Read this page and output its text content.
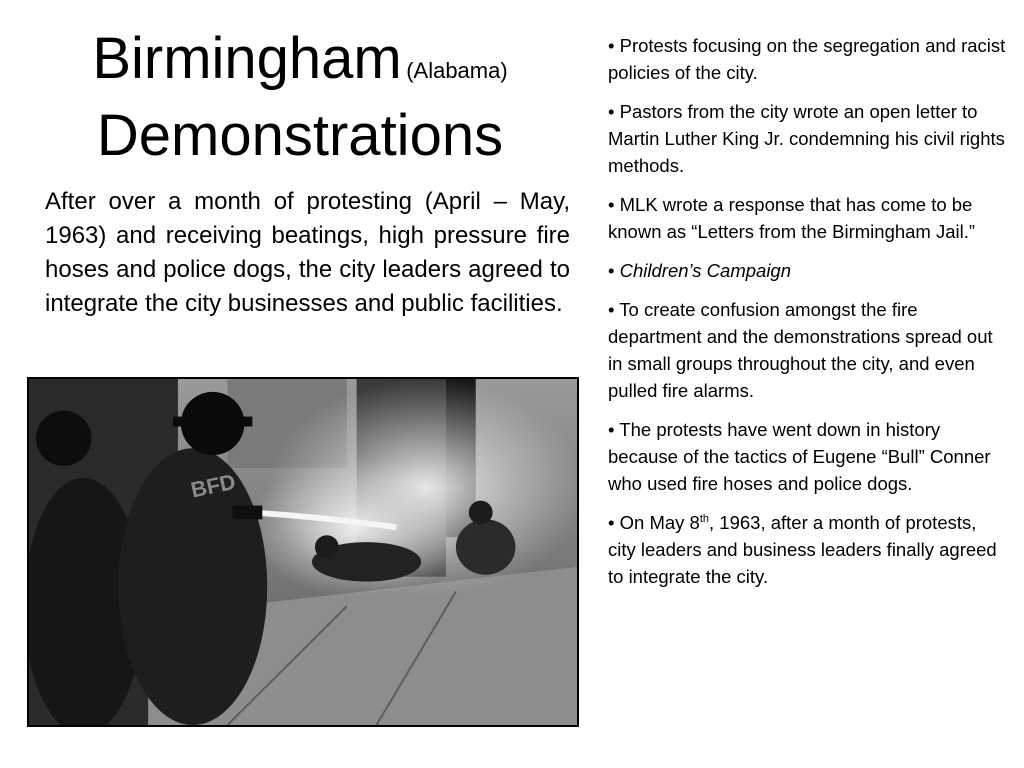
Birmingham (Alabama)
Demonstrations
After over a month of protesting (April – May, 1963) and receiving beatings, high pressure fire hoses and police dogs, the city leaders agreed to integrate the city businesses and public facilities.
BFD
• Protests focusing on the segregation and racist policies of the city.
• Pastors from the city wrote an open letter to Martin Luther King Jr. condemning his civil rights methods.
• MLK wrote a response that has come to be known as “Letters from the Birmingham Jail.”
• Children’s Campaign
• To create confusion amongst the fire department and the demonstrations spread out in small groups throughout the city, and even pulled fire alarms.
• The protests have went down in history because of the tactics of Eugene “Bull” Conner who used fire hoses and police dogs.
• On May 8th, 1963, after a month of protests, city leaders and business leaders finally agreed to integrate the city.
